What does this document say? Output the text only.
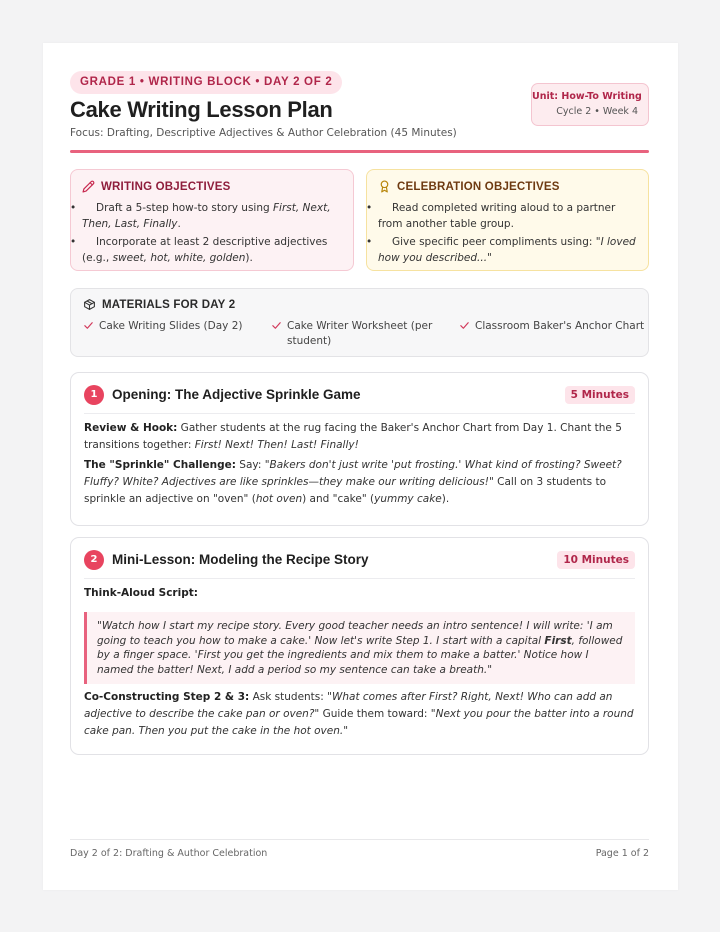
GRADE 1 • WRITING BLOCK • DAY 2 OF 2
Cake Writing Lesson Plan
Focus: Drafting, Descriptive Adjectives & Author Celebration (45 Minutes)
Unit: How-To Writing
Cycle 2 • Week 4
WRITING OBJECTIVES
• Draft a 5-step how-to story using First, Next, Then, Last, Finally.
• Incorporate at least 2 descriptive adjectives (e.g., sweet, hot, white, golden).
CELEBRATION OBJECTIVES
• Read completed writing aloud to a partner from another table group.
• Give specific peer compliments using: "I loved how you described..."
MATERIALS FOR DAY 2
Cake Writing Slides (Day 2)	Cake Writer Worksheet (per student)
Classroom Baker's Anchor Chart
1	Opening: The Adjective Sprinkle Game	5 Minutes
Review & Hook: Gather students at the rug facing the Baker's Anchor Chart from Day 1. Chant the 5 transitions together: First! Next! Then! Last! Finally!
The "Sprinkle" Challenge: Say: "Bakers don't just write 'put frosting.' What kind of frosting? Sweet? Fluffy? White? Adjectives are like sprinkles—they make our writing delicious!" Call on 3 students to sprinkle an adjective on "oven" (hot oven) and "cake" (yummy cake).
2	Mini-Lesson: Modeling the Recipe Story	10 Minutes
Think-Aloud Script:
"Watch how I start my recipe story. Every good teacher needs an intro sentence! I will write: 'I am going to teach you how to make a cake.' Now let's write Step 1. I start with a capital First, followed by a finger space. 'First you get the ingredients and mix them to make a batter.' Notice how I named the batter! Next, I add a period so my sentence can take a breath."
Co-Constructing Step 2 & 3: Ask students: "What comes after First? Right, Next! Who can add an adjective to describe the cake pan or oven?" Guide them toward: "Next you pour the batter into a round cake pan. Then you put the cake in the hot oven."
Day 2 of 2: Drafting & Author Celebration	Page 1 of 2
